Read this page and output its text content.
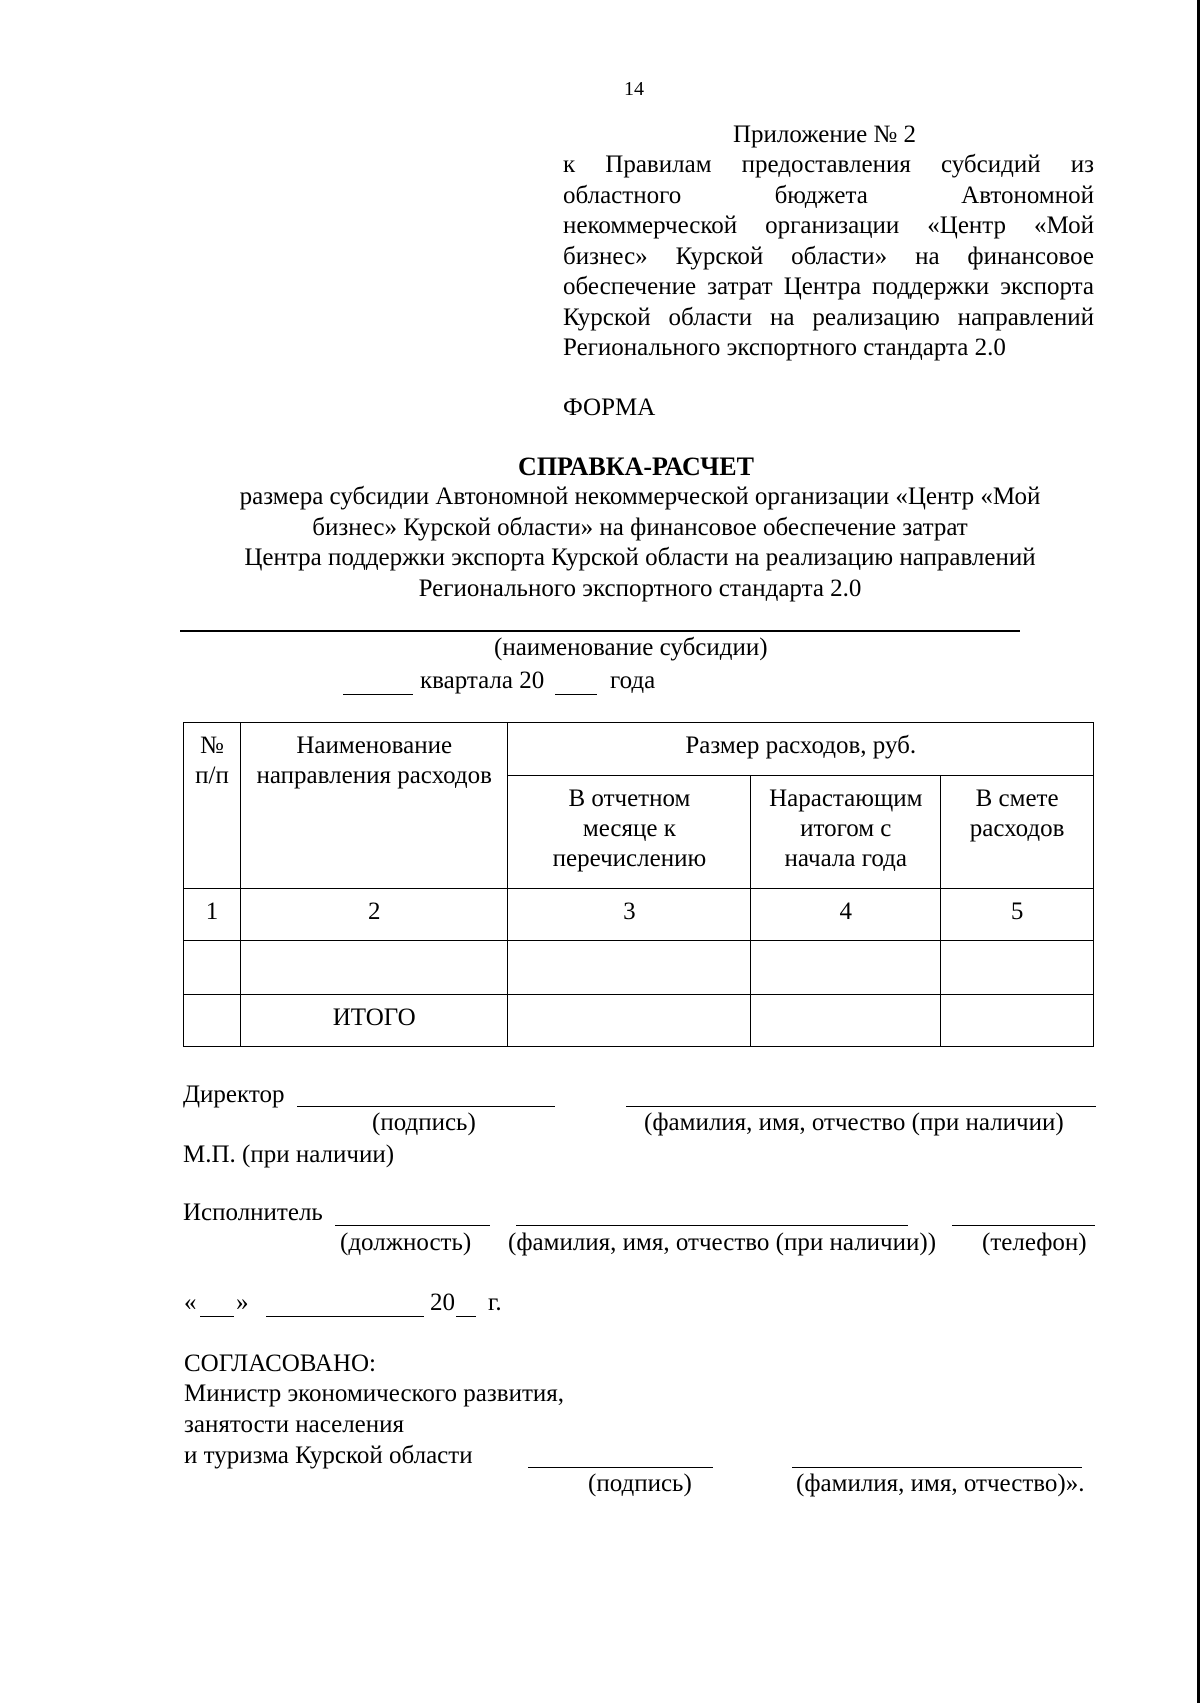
14
Приложение № 2
к Правилам предоставления субсидий из областного бюджета Автономной некоммерческой организации «Центр «Мой бизнес» Курской области» на финансовое обеспечение затрат Центра поддержки экспорта Курской области на реализацию направлений Регионального экспортного стандарта 2.0
ФОРМА
СПРАВКА-РАСЧЕТ
размера субсидии Автономной некоммерческой организации «Центр «Мой
бизнес» Курской области» на финансовое обеспечение затрат
Центра поддержки экспорта Курской области на реализацию направлений
Регионального экспортного стандарта 2.0
(наименование субсидии)
квартала 20	года
№ п/п	Наименование направления расходов	Размер расходов, руб.		

		В отчетном месяце к перечислению	Нарастающим итогом с начала года	В смете расходов

1	2	3	4	5

	ИТОГО			
Директор
(подпись)	(фамилия, имя, отчество (при наличии)
М.П. (при наличии)
Исполнитель
(должность) (фамилия, имя, отчество (при наличии)) (телефон)
« »	20 г.
СОГЛАСОВАНО:
Министр экономического развития,
занятости населения
и туризма Курской области
(подпись)	(фамилия, имя, отчество)».
